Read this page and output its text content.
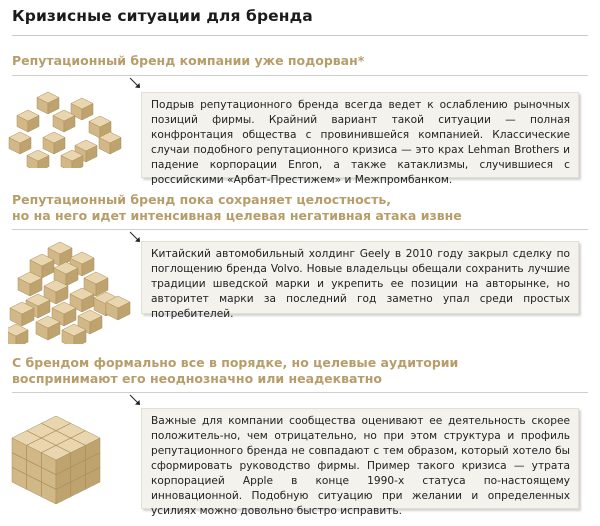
Кризисные ситуации для бренда
Репутационный бренд компании уже подорван*
Подрыв репутационного бренда всегда ведет к ослаблению рыночных позиций фирмы. Крайний вариант такой ситуации — полная конфронтация общества с провинившейся компанией. Классические случаи подобного репутационного кризиса — это крах Lehman Brothers и падение корпорации Enron, а также катаклизмы, случившиеся с российскими «Арбат-Престижем» и Межпромбанком.
Репутационный бренд пока сохраняет целостность,
но на него идет интенсивная целевая негативная атака извне
Китайский автомобильный холдинг Geely в 2010 году закрыл сделку по поглощению бренда Volvo. Новые владельцы обещали сохранить лучшие традиции шведской марки и укрепить ее позиции на авторынке, но авторитет марки за последний год заметно упал среди простых потребителей.
С брендом формально все в порядке, но целевые аудитории
воспринимают его неоднозначно или неадекватно
Важные для компании сообщества оценивают ее деятельность скорее положитель-но, чем отрицательно, но при этом структура и профиль репутационного бренда не совпадают с тем образом, который хотело бы сформировать руководство фирмы. Пример такого кризиса — утрата корпорацией Apple в конце 1990-х статуса по-настоящему инновационной. Подобную ситуацию при желании и определенных усилиях можно довольно быстро исправить.
